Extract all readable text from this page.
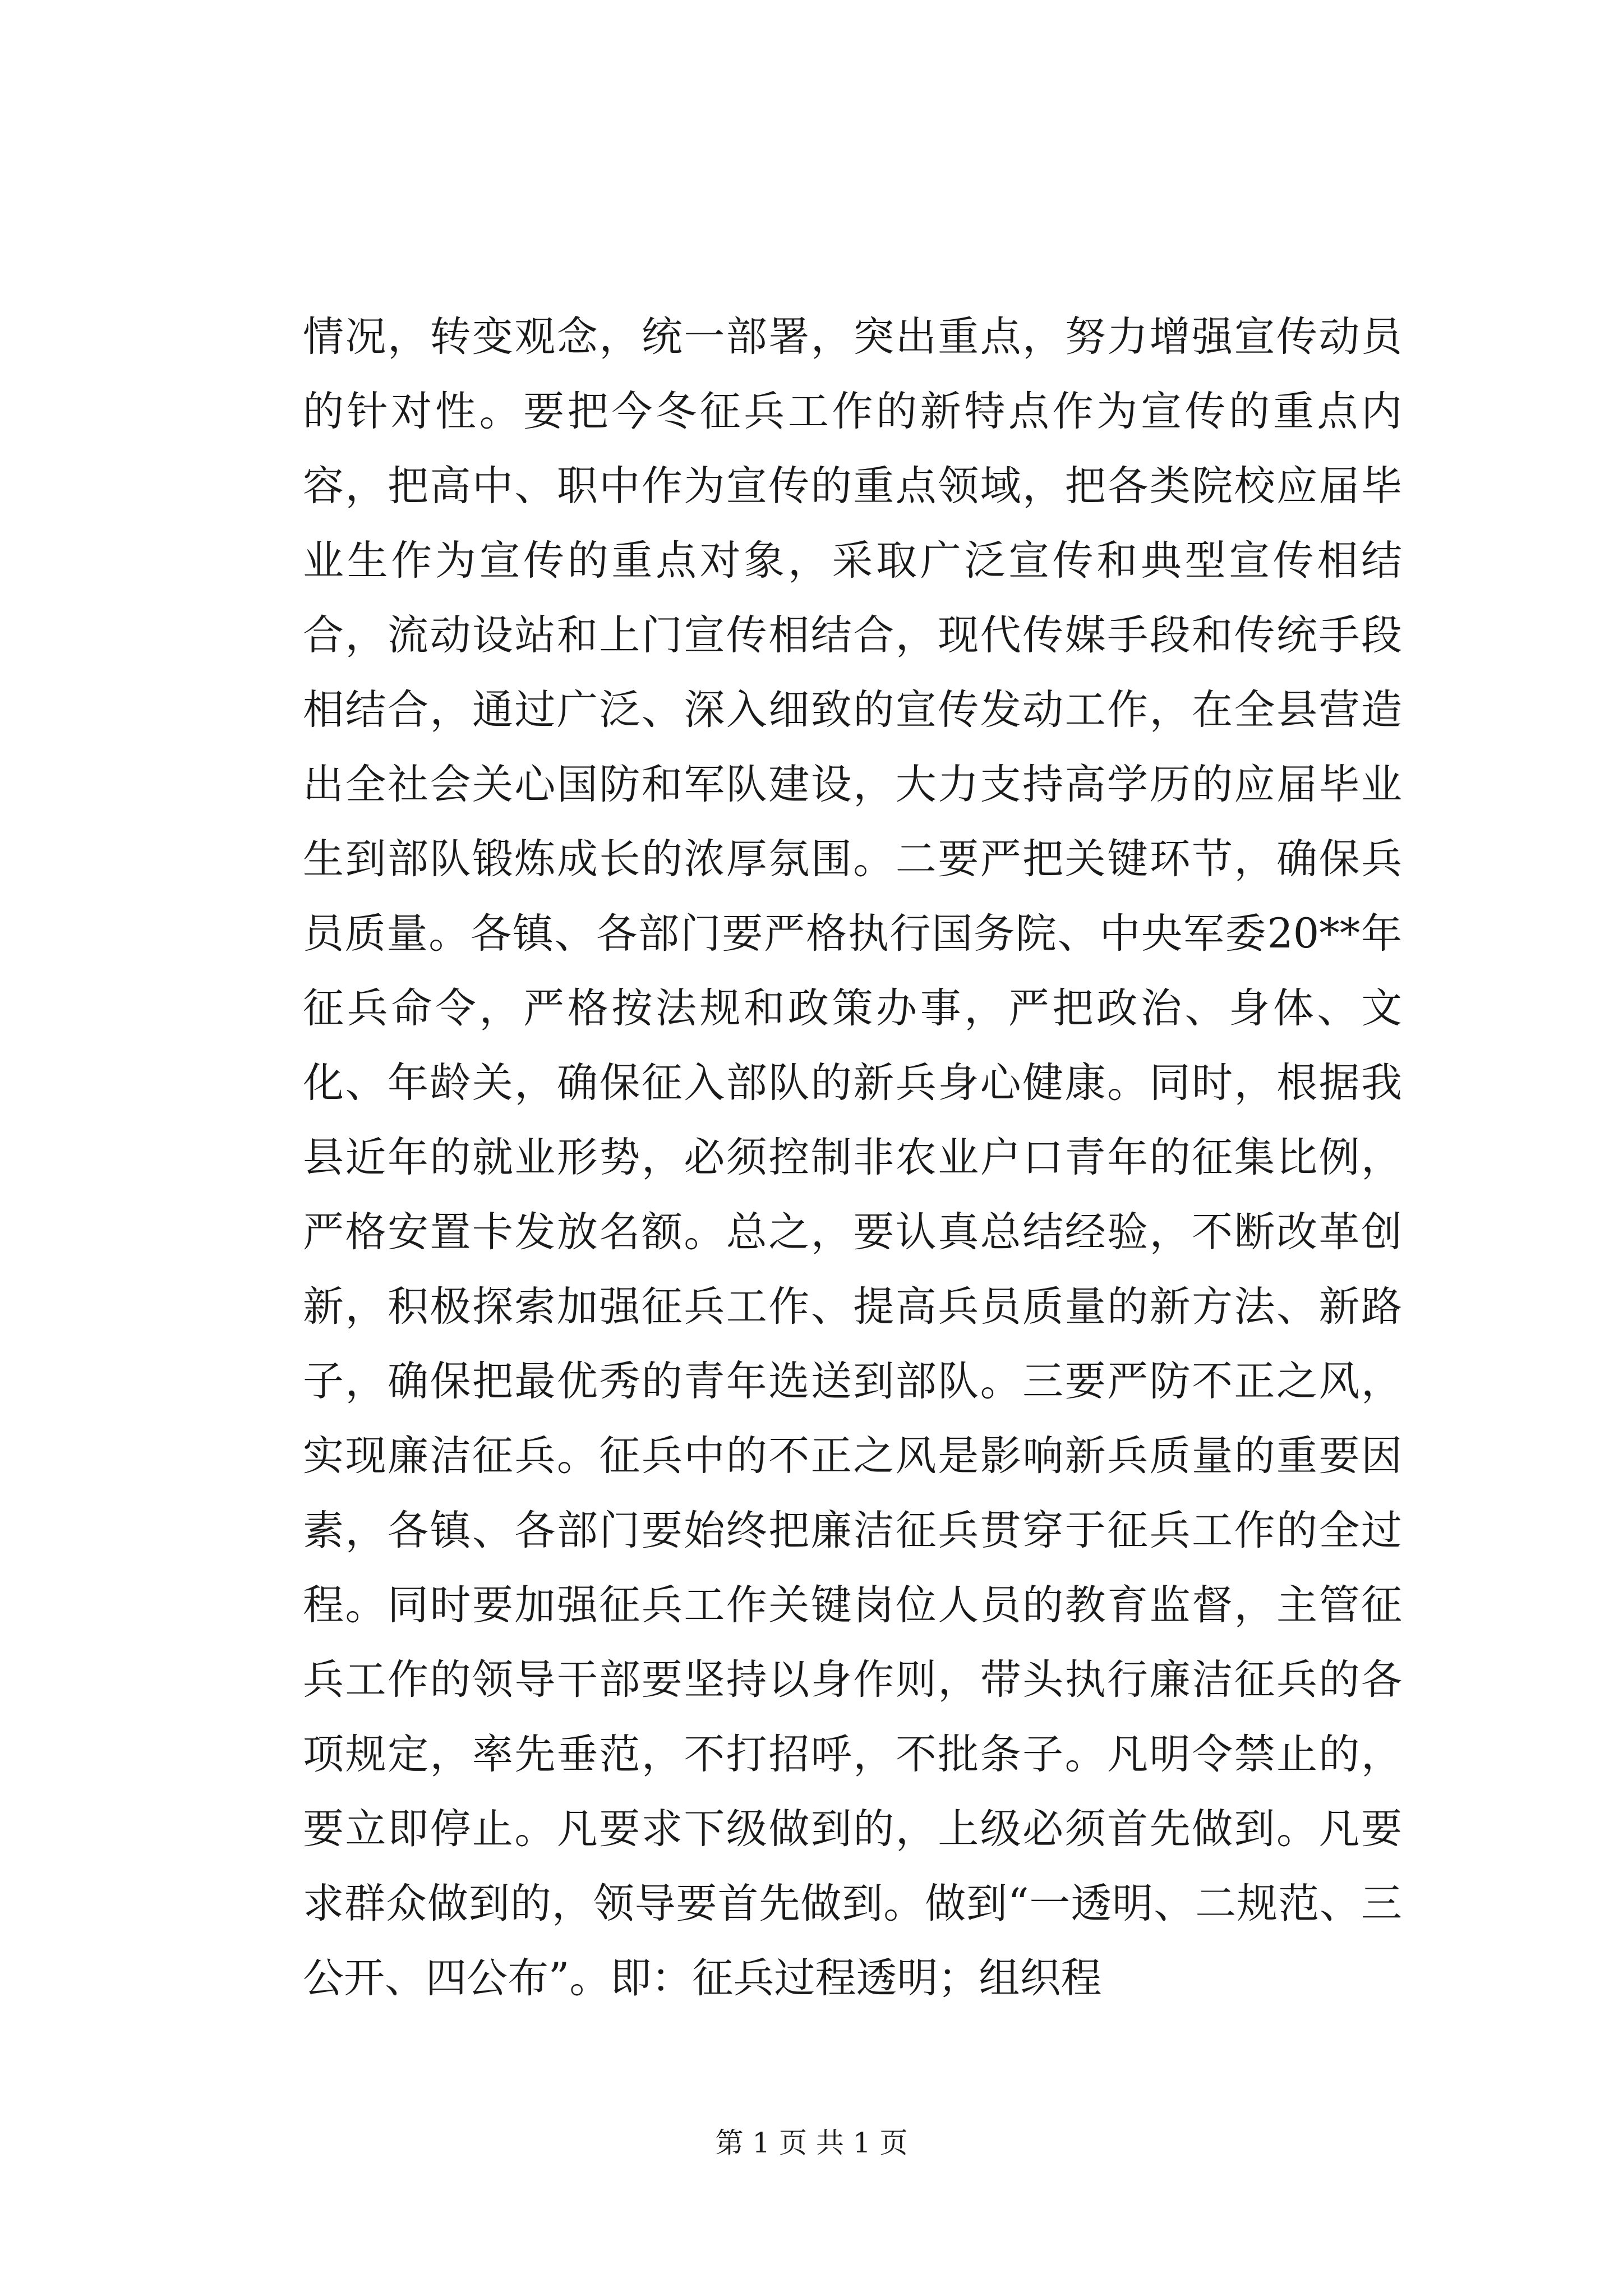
情况，转变观念，统一部署，突出重点，努力增强宣传动员的针对性。要把今冬征兵工作的新特点作为宣传的重点内容，把高中、职中作为宣传的重点领域，把各类院校应届毕业生作为宣传的重点对象，采取广泛宣传和典型宣传相结合，流动设站和上门宣传相结合，现代传媒手段和传统手段相结合，通过广泛、深入细致的宣传发动工作，在全县营造出全社会关心国防和军队建设，大力支持高学历的应届毕业生到部队锻炼成长的浓厚氛围。二要严把关键环节，确保兵员质量。各镇、各部门要严格执行国务院、中央军委20**年征兵命令，严格按法规和政策办事，严把政治、身体、文化、年龄关，确保征入部队的新兵身心健康。同时，根据我县近年的就业形势，必须控制非农业户口青年的征集比例，严格安置卡发放名额。总之，要认真总结经验，不断改革创新，积极探索加强征兵工作、提高兵员质量的新方法、新路子，确保把最优秀的青年选送到部队。三要严防不正之风，实现廉洁征兵。征兵中的不正之风是影响新兵质量的重要因素，各镇、各部门要始终把廉洁征兵贯穿于征兵工作的全过程。同时要加强征兵工作关键岗位人员的教育监督，主管征兵工作的领导干部要坚持以身作则，带头执行廉洁征兵的各项规定，率先垂范，不打招呼，不批条子。凡明令禁止的，要立即停止。凡要求下级做到的，上级必须首先做到。凡要求群众做到的，领导要首先做到。做到“一透明、二规范、三公开、四公布”。即：征兵过程透明；组织程

第 1 页 共 1 页
